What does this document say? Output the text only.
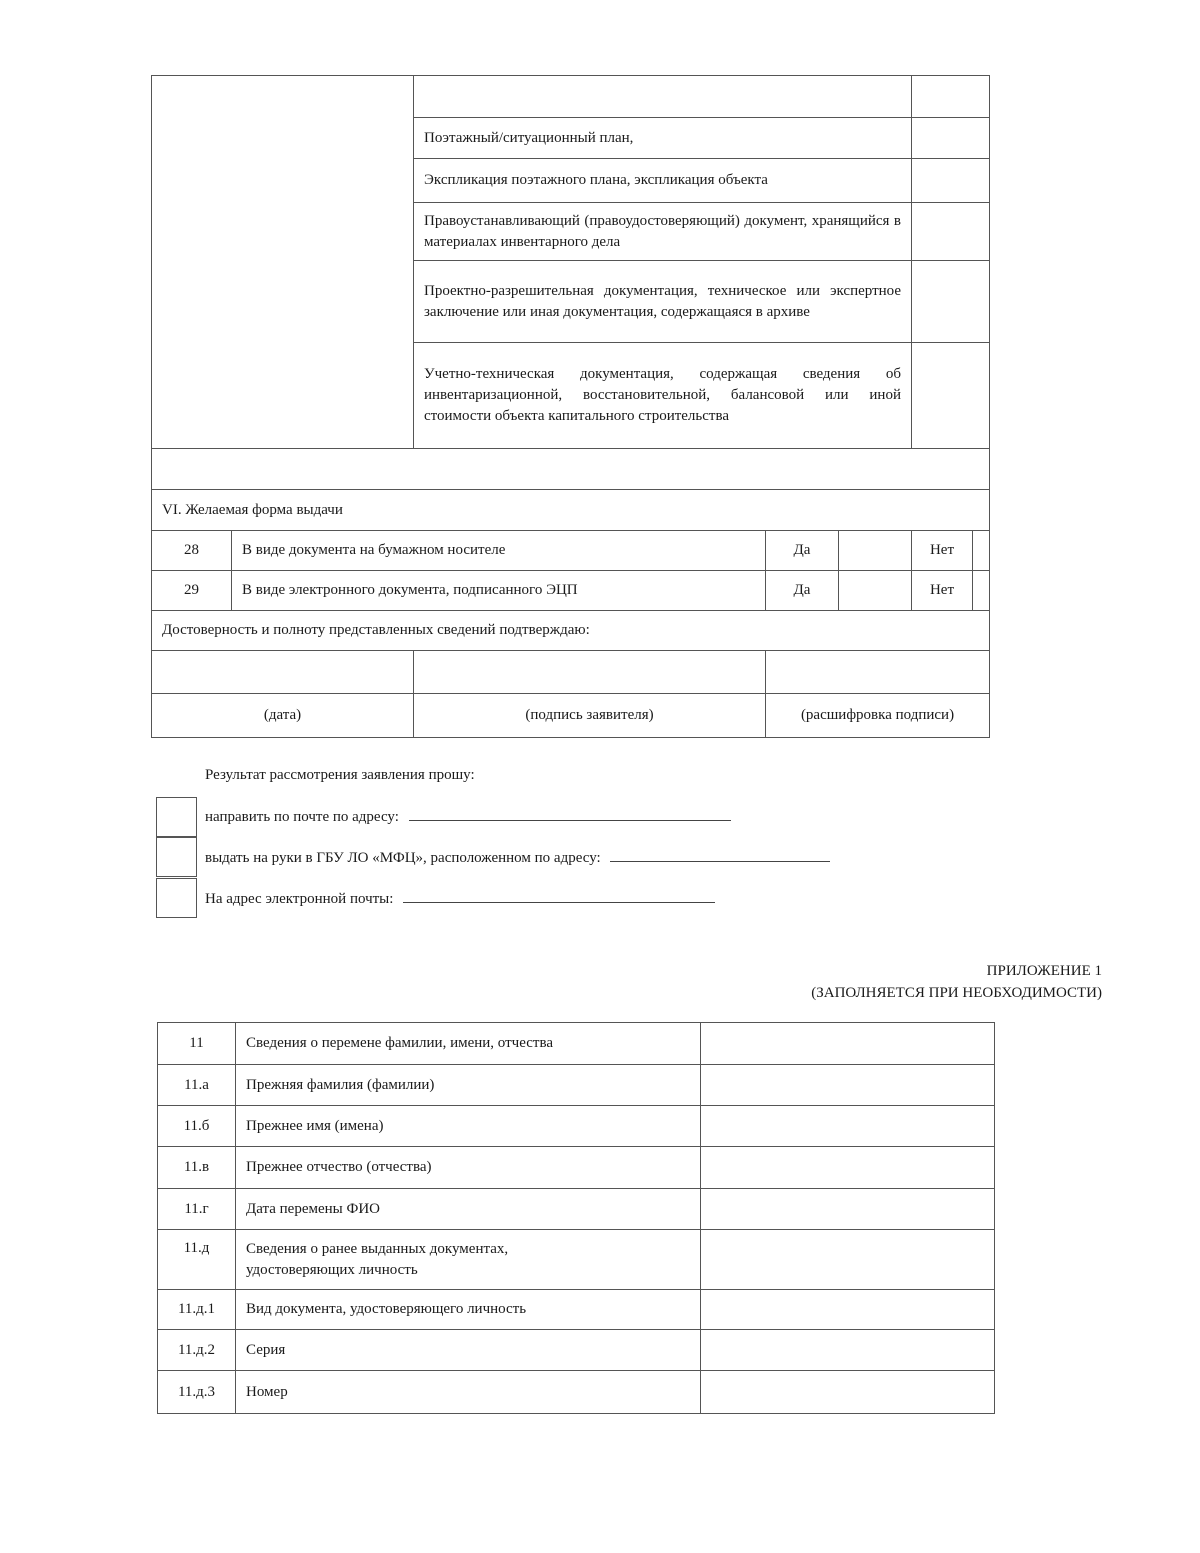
		Поэтажный/ситуационный план,			
		Экспликация поэтажного плана, экспликация объекта			
		Правоустанавливающий (правоудостоверяющий) документ, хранящийся в материалах инвентарного дела			
		Проектно-разрешительная документация, техническое или экспертное заключение или иная документация, содержащаяся в архиве			
		Учетно-техническая документация, содержащая сведения об инвентаризационной, восстановительной, балансовой или иной стоимости объекта капитального строительства			

VI. Желаемая форма выдачи					
28	В виде документа на бумажном носителе		Да		Нет

29	В виде электронного документа, подписанного ЭЦП		Да		Нет

Достоверность и полноту представленных сведений подтверждаю:					

(дата)		(подпись заявителя)	(расшифровка подписи)		
Результат рассмотрения заявления прошу:
направить по почте по адресу:
выдать на руки в ГБУ ЛО «МФЦ», расположенном по адресу:
На адрес электронной почты:
ПРИЛОЖЕНИЕ 1
(ЗАПОЛНЯЕТСЯ ПРИ НЕОБХОДИМОСТИ)
11	Сведения о перемене фамилии, имени, отчества	
11.а	Прежняя фамилия (фамилии)	
11.б	Прежнее имя (имена)	
11.в	Прежнее отчество (отчества)	
11.г	Дата перемены ФИО	
11.д	Сведения о ранее выданных документах, удостоверяющих личность	
11.д.1	Вид документа, удостоверяющего личность	
11.д.2	Серия	
11.д.3	Номер	
